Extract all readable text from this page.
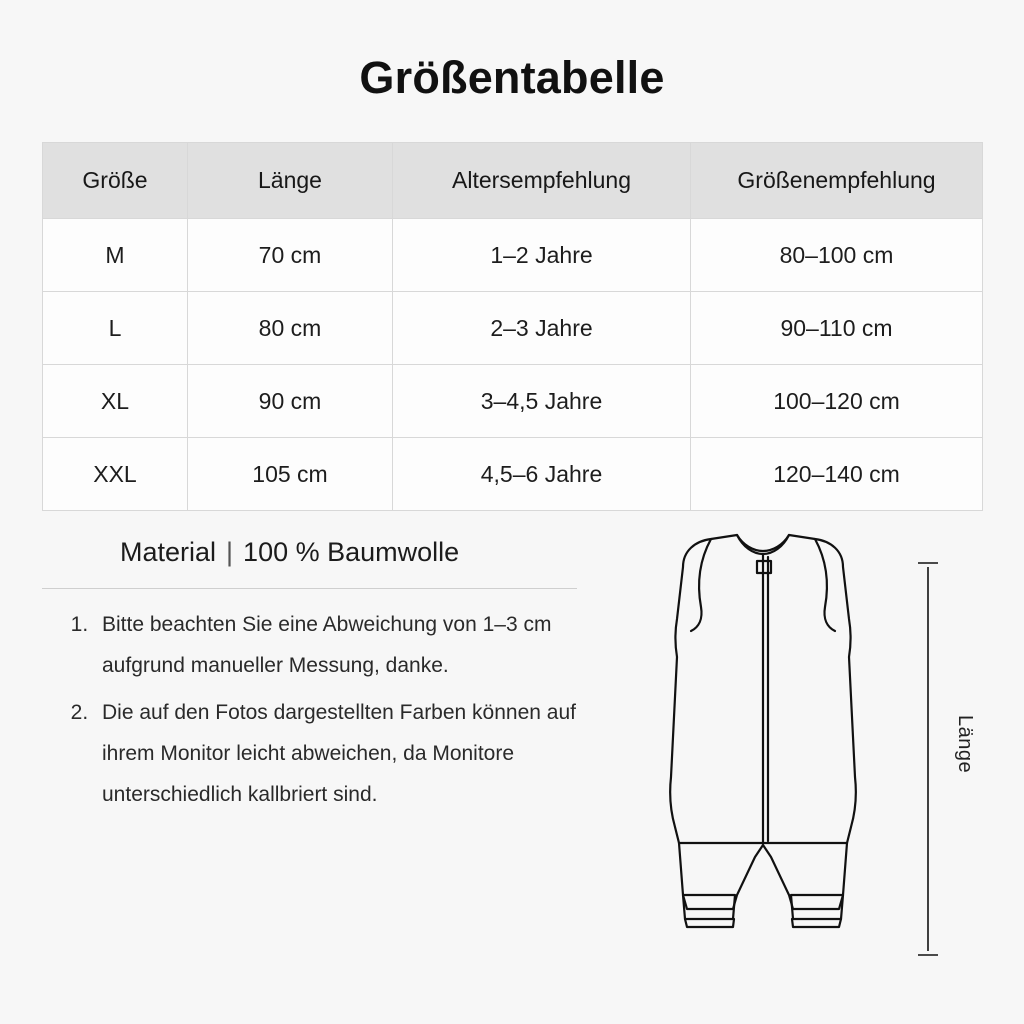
Größentabelle
Größe	Länge	Altersempfehlung	Größenempfehlung
M	70 cm	1–2 Jahre	80–100 cm
L	80 cm	2–3 Jahre	90–110 cm
XL	90 cm	3–4,5 Jahre	100–120 cm
XXL	105 cm	4,5–6 Jahre	120–140 cm
Material | 100 % Baumwolle
1. Bitte beachten Sie eine Abweichung von 1–3 cm aufgrund manueller Messung, danke.
2. Die auf den Fotos dargestellten Farben können auf ihrem Monitor leicht abweichen, da Monitore unterschiedlich kallbriert sind.
Länge
